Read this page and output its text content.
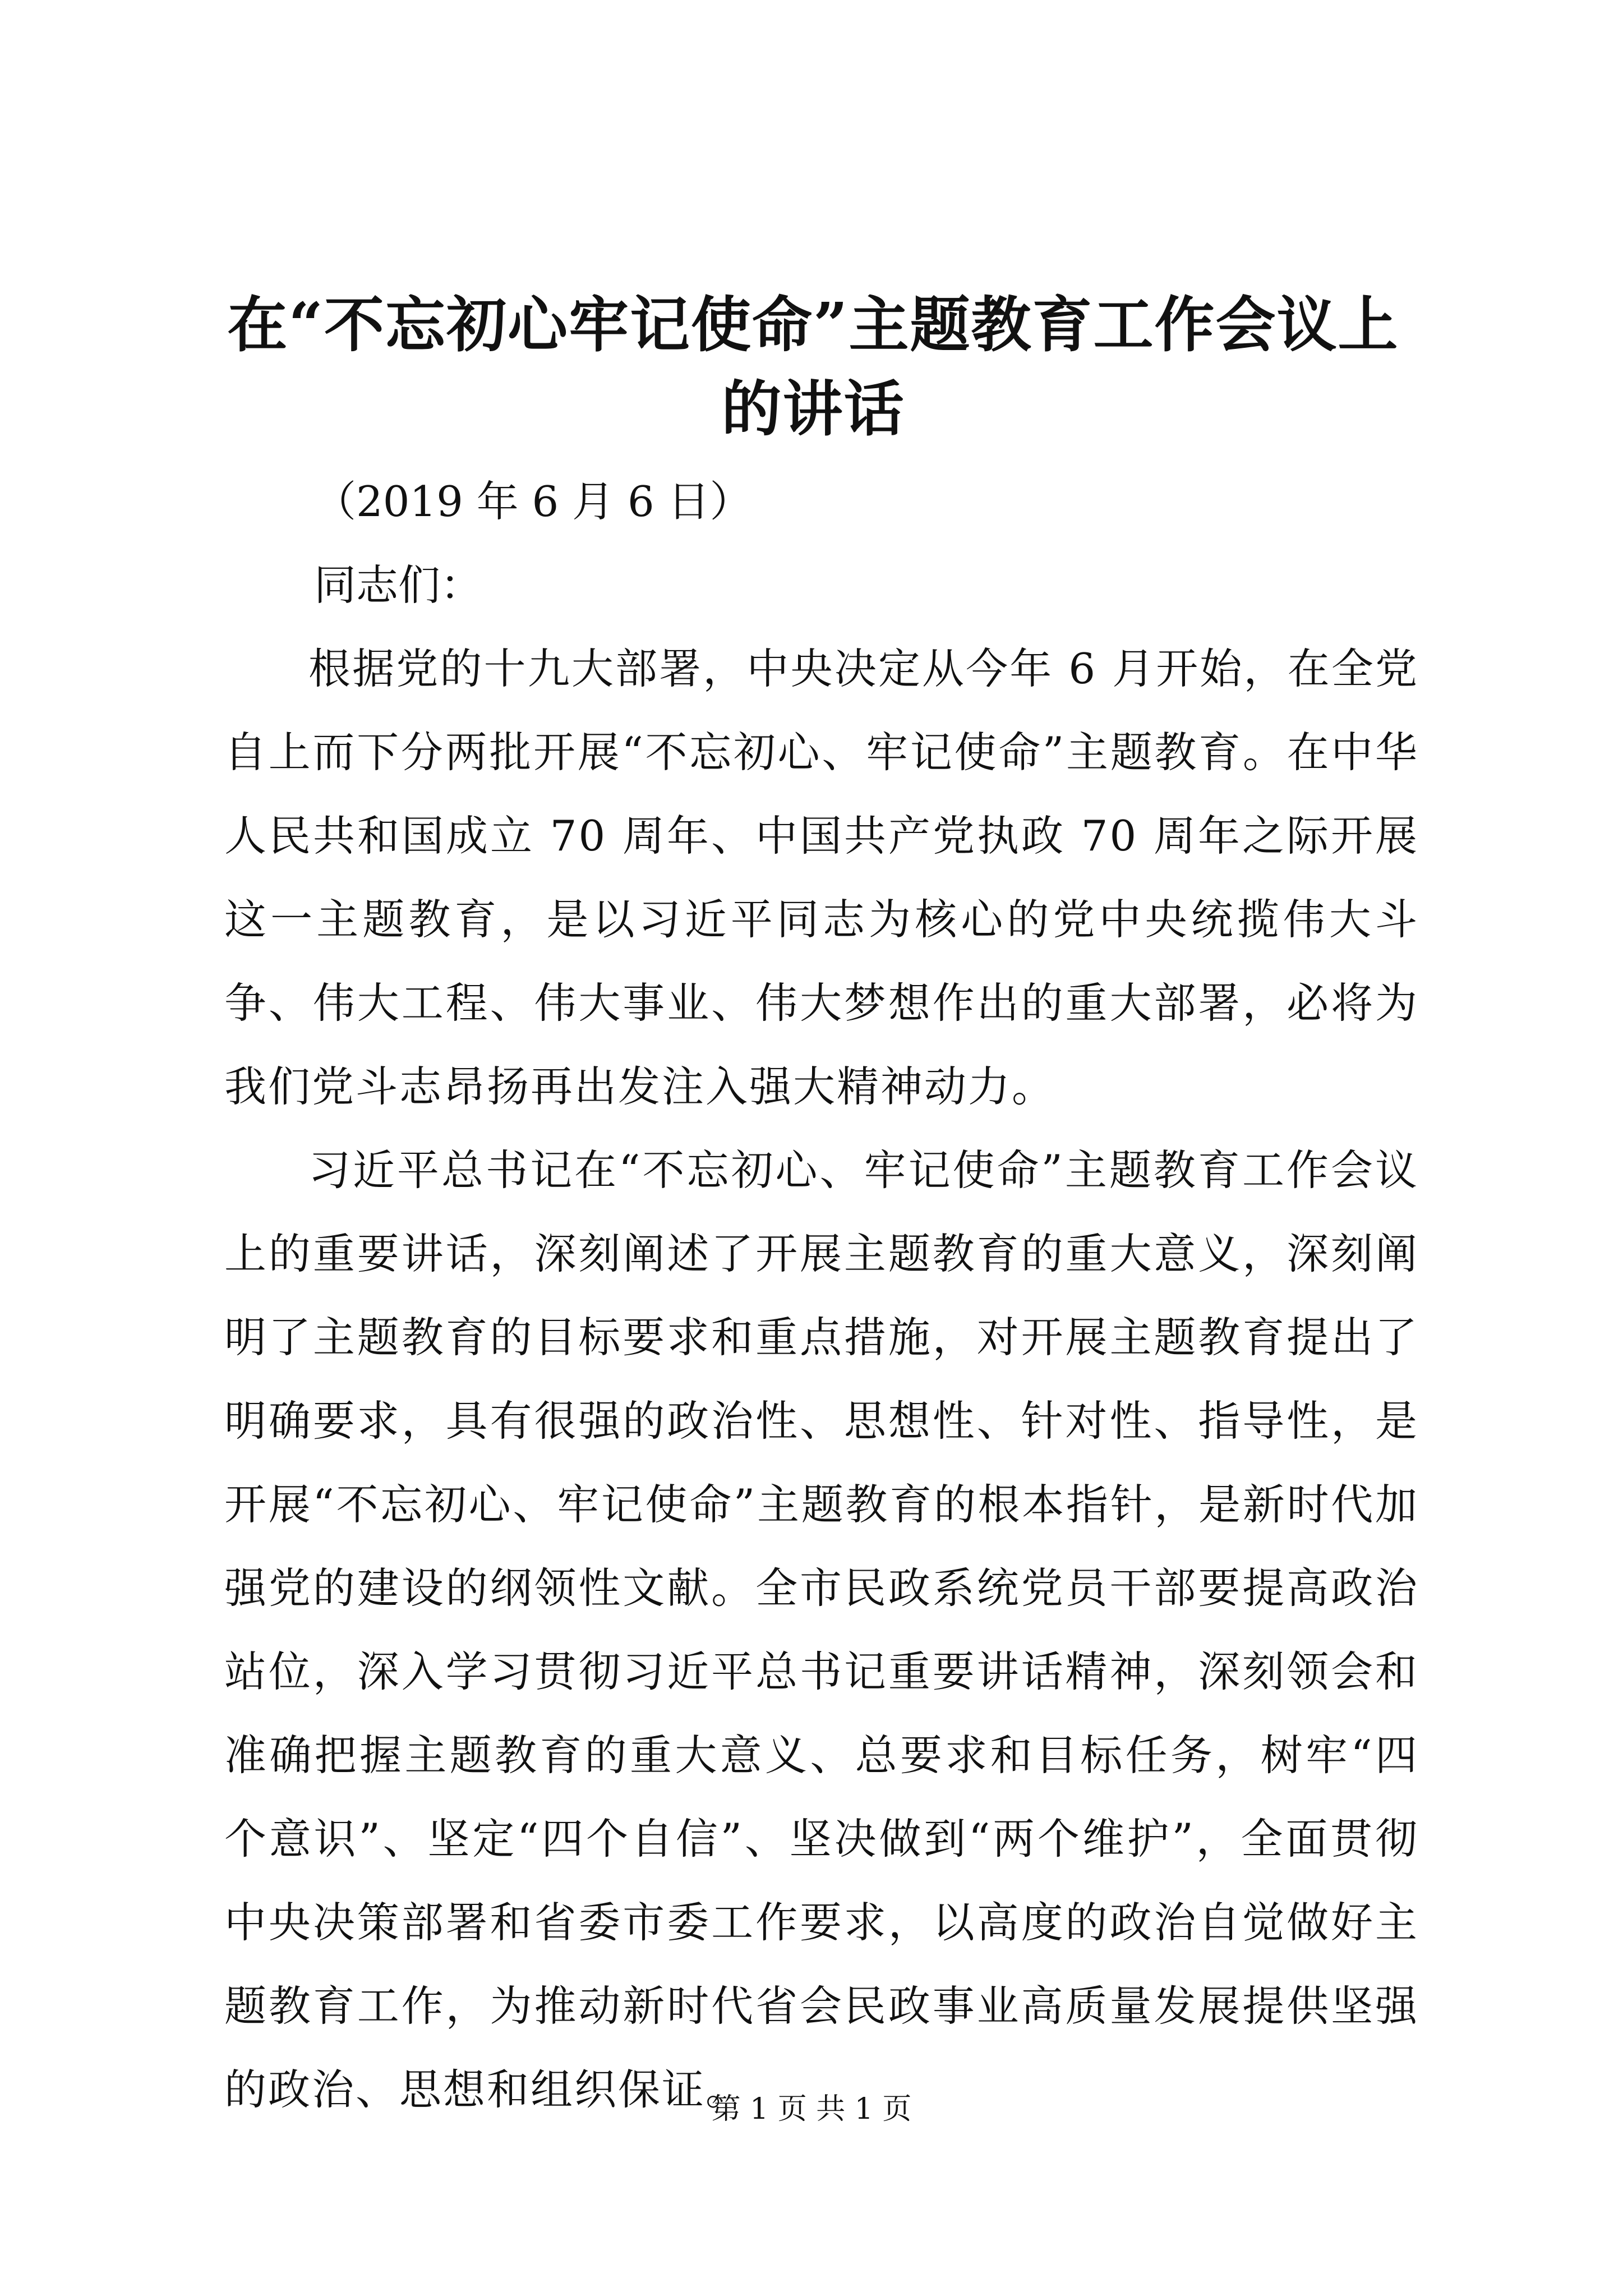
在“不忘初心牢记使命”主题教育工作会议上
的讲话

（2019 年 6 月 6 日）

同志们：

根据党的十九大部署，中央决定从今年 6 月开始，在全党自上而下分两批开展“不忘初心、牢记使命”主题教育。在中华人民共和国成立 70 周年、中国共产党执政 70 周年之际开展这一主题教育，是以习近平同志为核心的党中央统揽伟大斗争、伟大工程、伟大事业、伟大梦想作出的重大部署，必将为我们党斗志昂扬再出发注入强大精神动力。

习近平总书记在“不忘初心、牢记使命”主题教育工作会议上的重要讲话，深刻阐述了开展主题教育的重大意义，深刻阐明了主题教育的目标要求和重点措施，对开展主题教育提出了明确要求，具有很强的政治性、思想性、针对性、指导性，是开展“不忘初心、牢记使命”主题教育的根本指针，是新时代加强党的建设的纲领性文献。全市民政系统党员干部要提高政治站位，深入学习贯彻习近平总书记重要讲话精神，深刻领会和准确把握主题教育的重大意义、总要求和目标任务，树牢“四个意识”、坚定“四个自信”、坚决做到“两个维护”，全面贯彻中央决策部署和省委市委工作要求，以高度的政治自觉做好主题教育工作，为推动新时代省会民政事业高质量发展提供坚强的政治、思想和组织保证。

第 1 页 共 1 页
